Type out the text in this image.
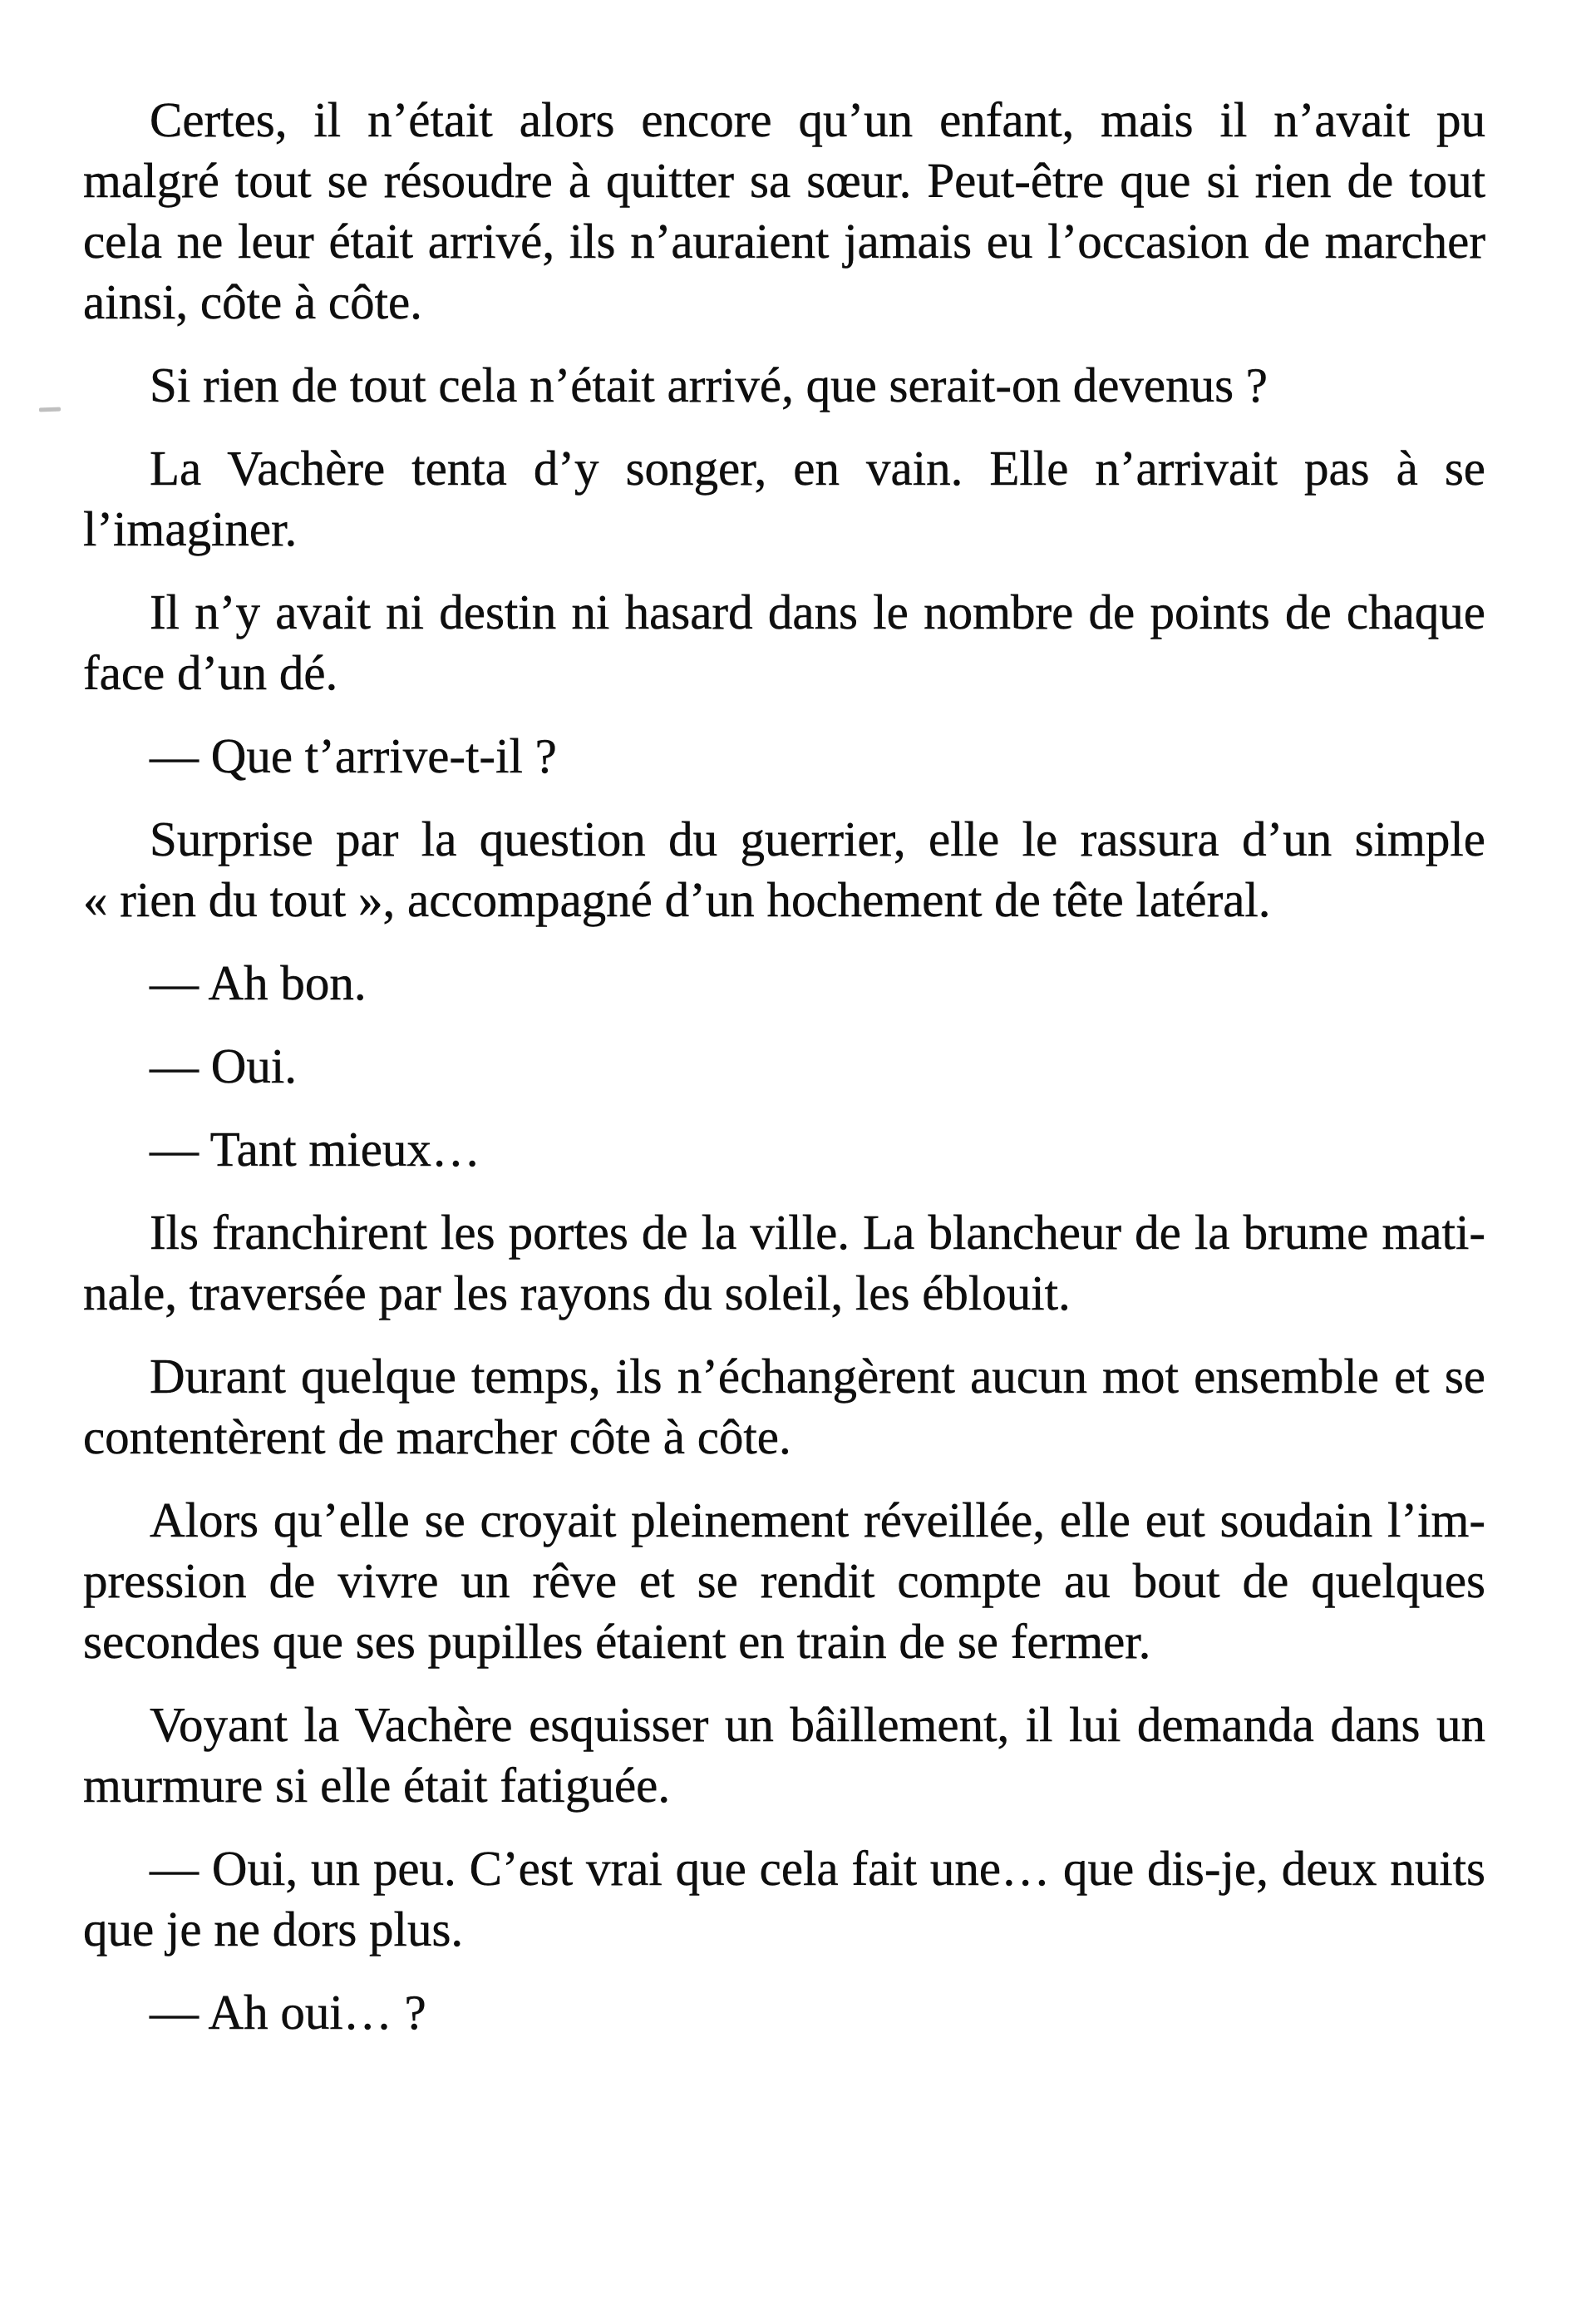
Certes, il n’était alors encore qu’un enfant, mais il n’avait pu
malgré tout se résoudre à quitter sa sœur. Peut-être que si rien de tout
cela ne leur était arrivé, ils n’auraient jamais eu l’occasion de marcher
ainsi, côte à côte.
Si rien de tout cela n’était arrivé, que serait-on devenus ?
La Vachère tenta d’y songer, en vain. Elle n’arrivait pas à se
l’imaginer.
Il n’y avait ni destin ni hasard dans le nombre de points de chaque
face d’un dé.
— Que t’arrive-t-il ?
Surprise par la question du guerrier, elle le rassura d’un simple
« rien du tout », accompagné d’un hochement de tête latéral.
— Ah bon.
— Oui.
— Tant mieux…
Ils franchirent les portes de la ville. La blancheur de la brume mati-
nale, traversée par les rayons du soleil, les éblouit.
Durant quelque temps, ils n’échangèrent aucun mot ensemble et se
contentèrent de marcher côte à côte.
Alors qu’elle se croyait pleinement réveillée, elle eut soudain l’im-
pression de vivre un rêve et se rendit compte au bout de quelques
secondes que ses pupilles étaient en train de se fermer.
Voyant la Vachère esquisser un bâillement, il lui demanda dans un
murmure si elle était fatiguée.
— Oui, un peu. C’est vrai que cela fait une… que dis-je, deux nuits
que je ne dors plus.
— Ah oui… ?
